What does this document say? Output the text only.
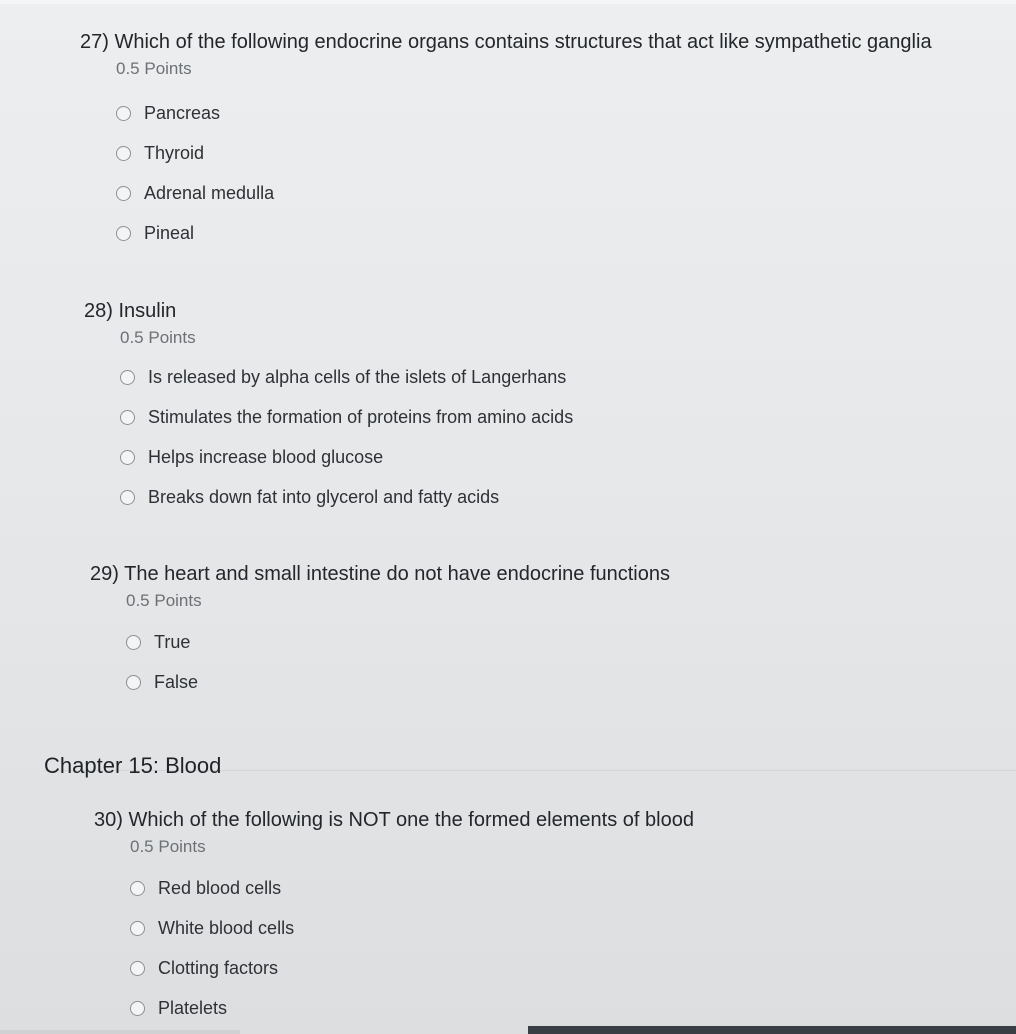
27) Which of the following endocrine organs contains structures that act like sympathetic ganglia
0.5 Points
Pancreas
Thyroid
Adrenal medulla
Pineal
28) Insulin
0.5 Points
Is released by alpha cells of the islets of Langerhans
Stimulates the formation of proteins from amino acids
Helps increase blood glucose
Breaks down fat into glycerol and fatty acids
29) The heart and small intestine do not have endocrine functions
0.5 Points
True
False
Chapter 15: Blood
30) Which of the following is NOT one the formed elements of blood
0.5 Points
Red blood cells
White blood cells
Clotting factors
Platelets
